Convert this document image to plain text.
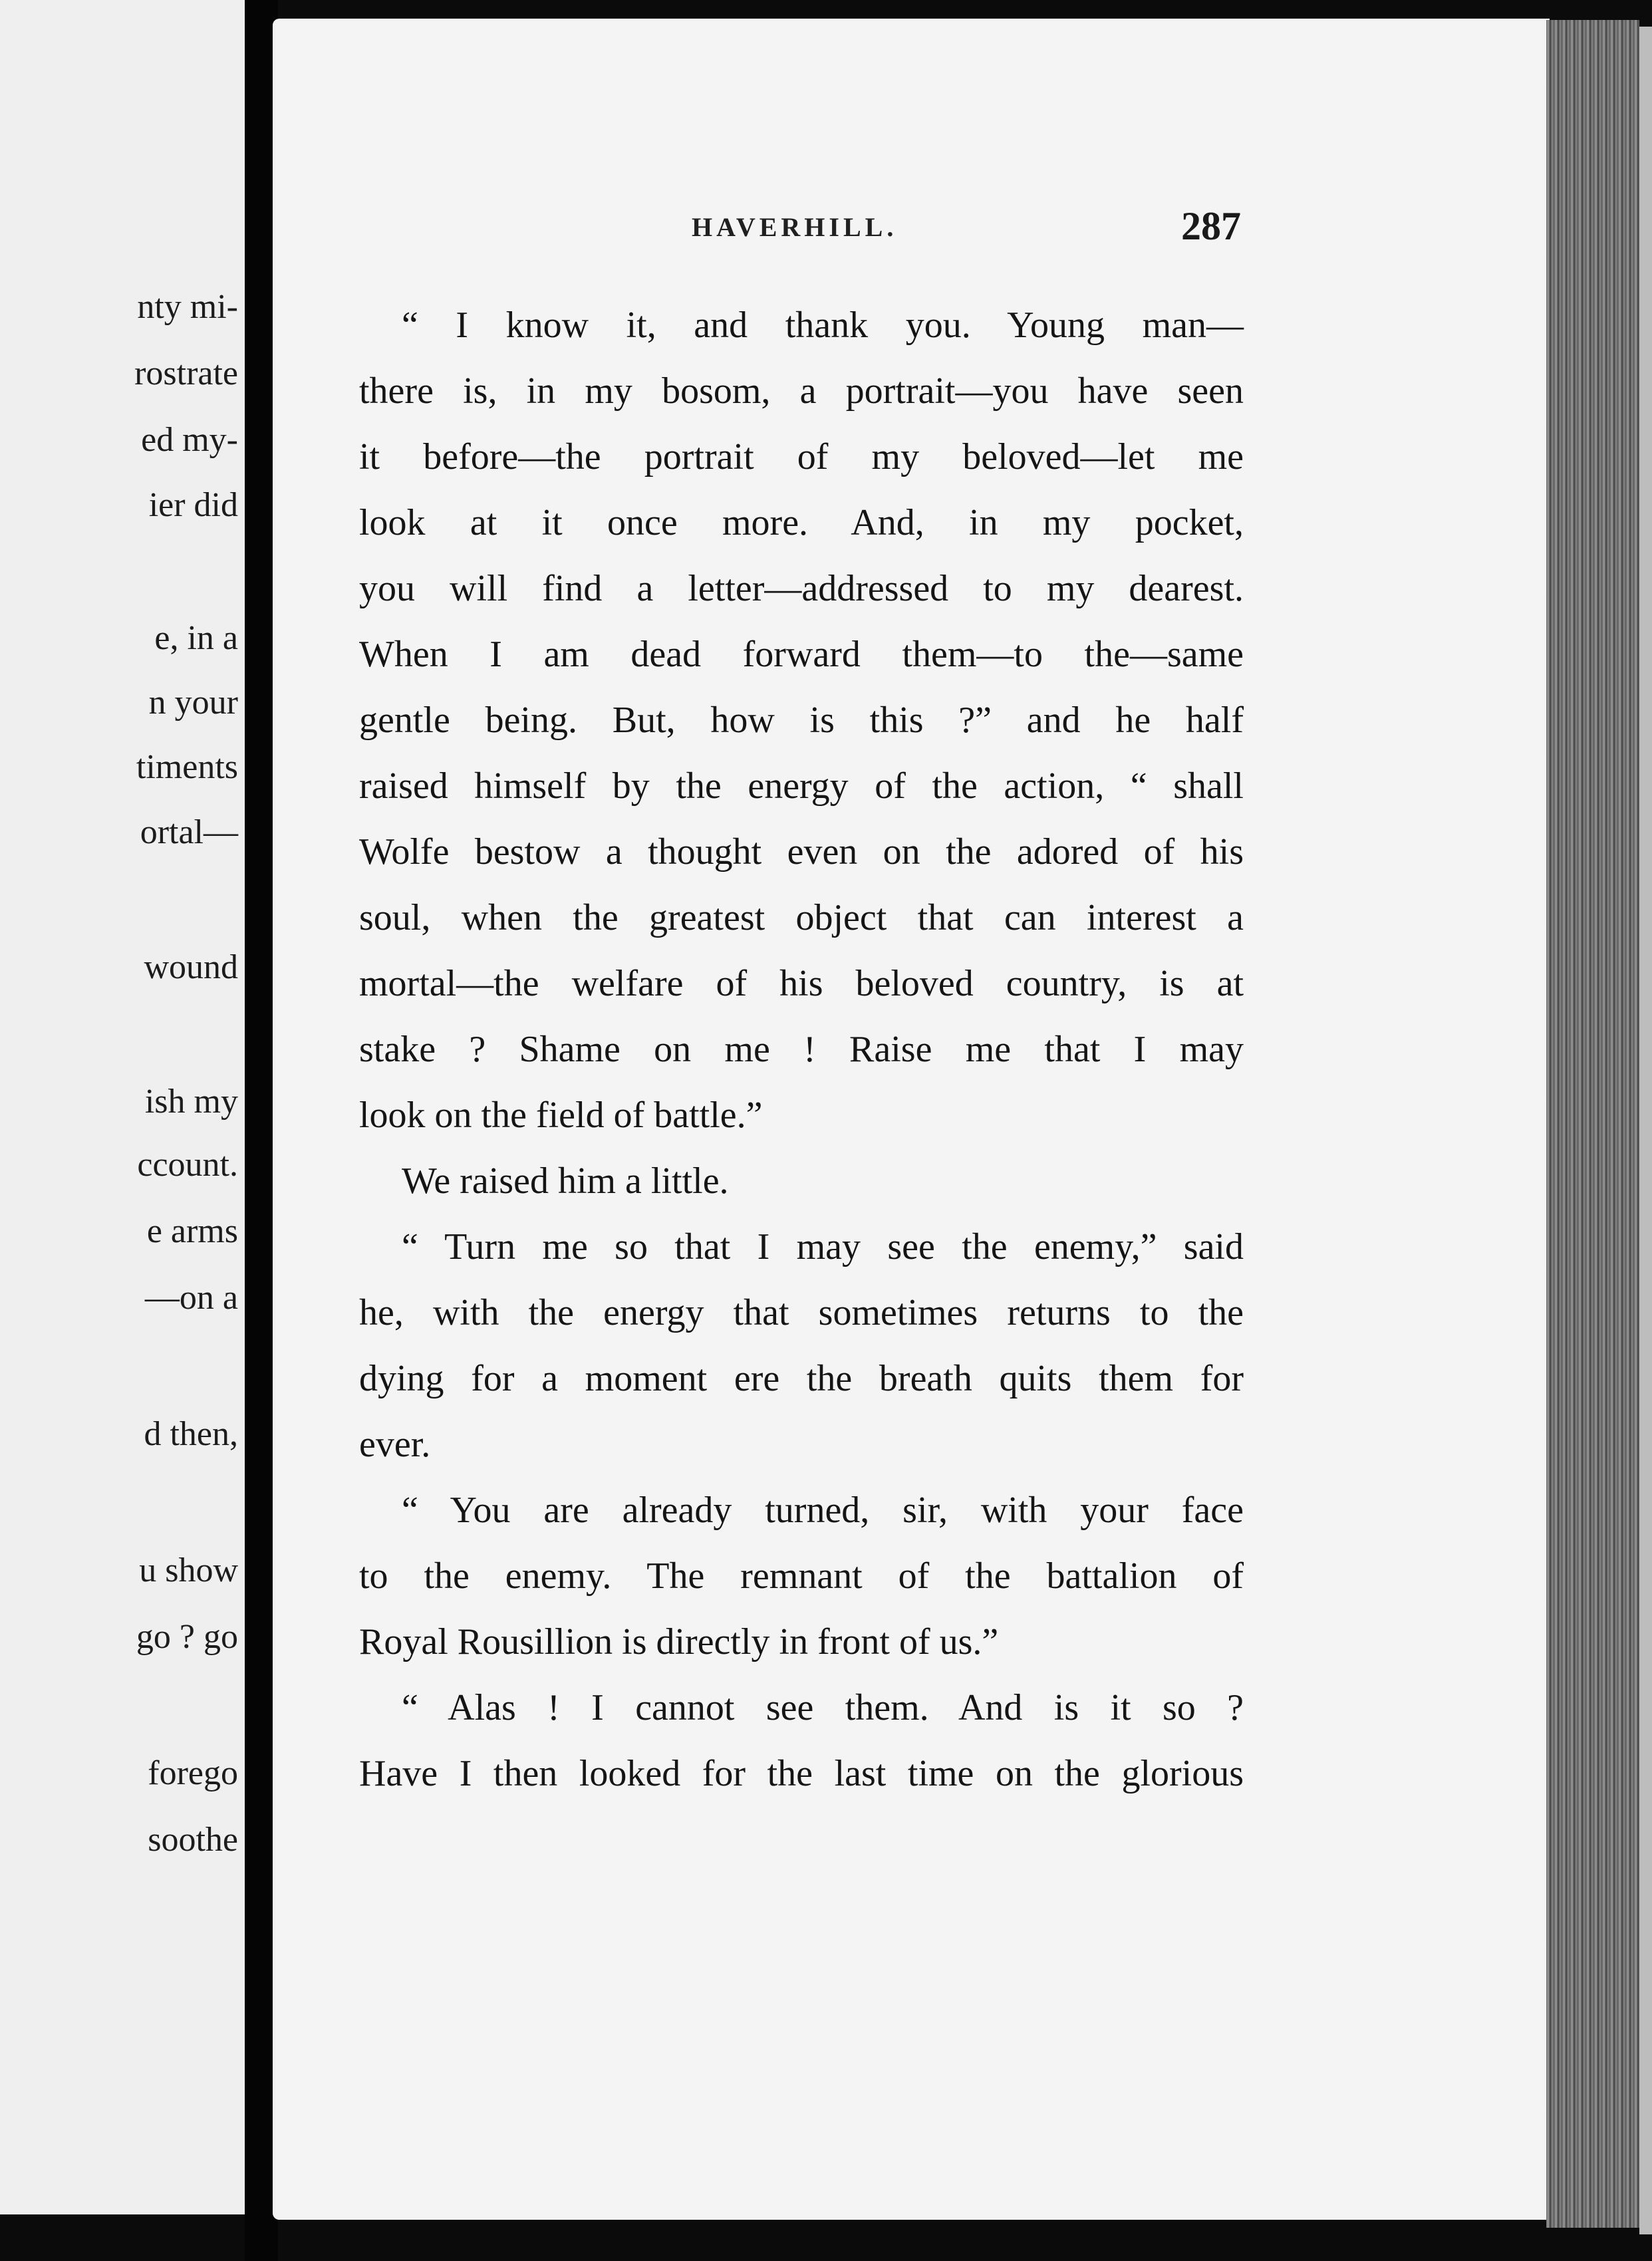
nty mi-

rostrate

ed my-

ier did

e, in a

n your

timents

ortal—

wound

ish my

ccount.

e arms

—on a

d then,

u show

go ? go

forego

soothe

HAVERHILL.	287

“ I know it, and thank you. Young man—

there is, in my bosom, a portrait—you have seen

it before—the portrait of my beloved—let me

look at it once more. And, in my pocket,

you will find a letter—addressed to my dearest.

When I am dead forward them—to the—same

gentle being. But, how is this ?” and he half

raised himself by the energy of the action, “ shall

Wolfe bestow a thought even on the adored of his

soul, when the greatest object that can interest a

mortal—the welfare of his beloved country, is at

stake ? Shame on me ! Raise me that I may

look on the field of battle.”

We raised him a little.

“ Turn me so that I may see the enemy,” said

he, with the energy that sometimes returns to the

dying for a moment ere the breath quits them for

ever.

“ You are already turned, sir, with your face

to the enemy. The remnant of the battalion of

Royal Rousillion is directly in front of us.”

“ Alas ! I cannot see them. And is it so ?

Have I then looked for the last time on the glorious
